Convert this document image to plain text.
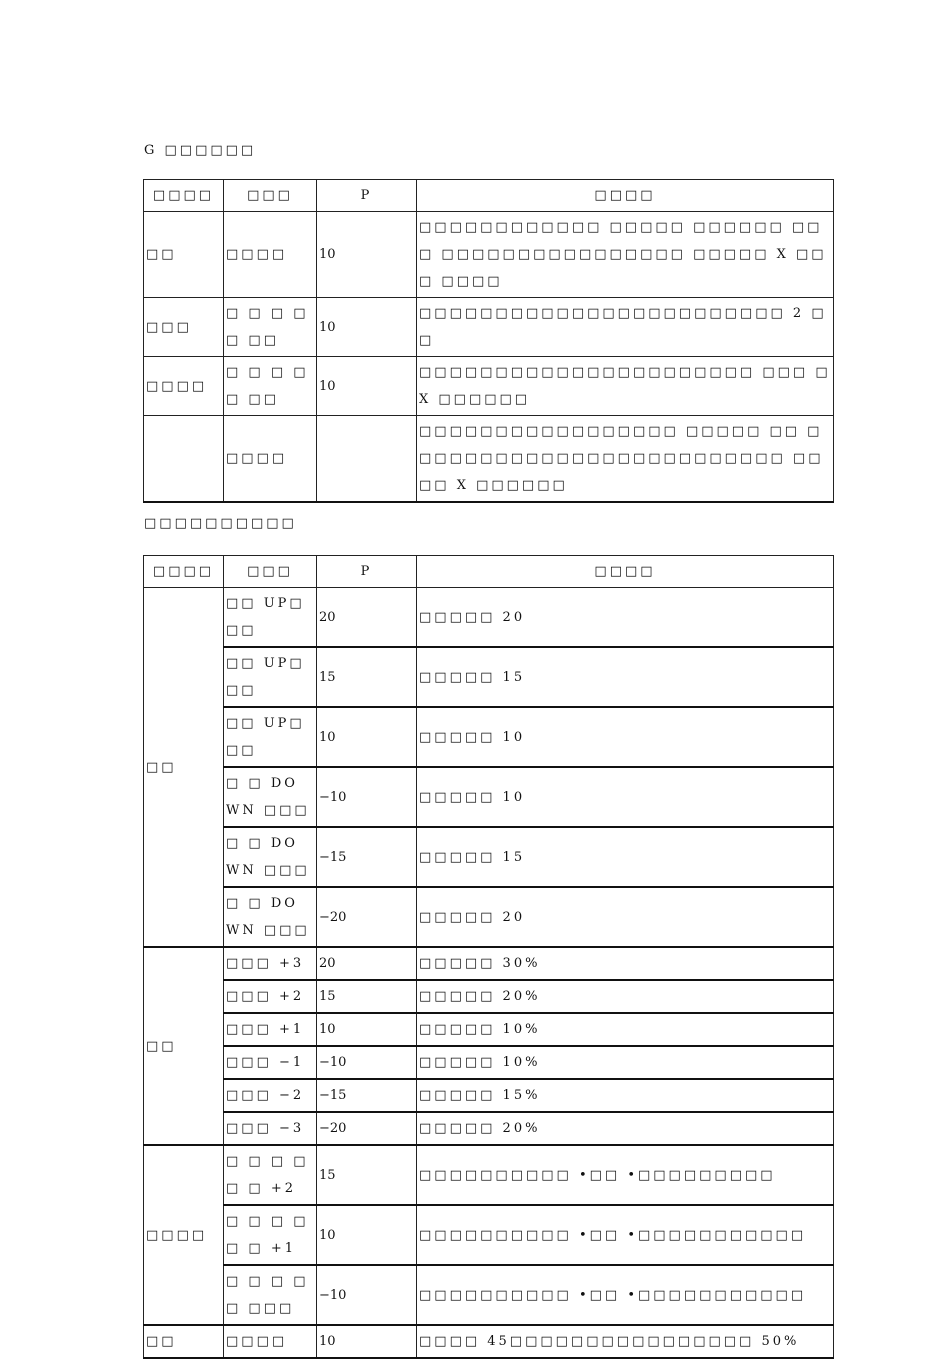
G □□□□□□
□□□□	□□□	P	□□□□
□□	□□□□	10	□□□□□□□□□□□□ □□□□□ □□□□□□ □□□ □□□□□□□□□□□□□□□□ □□□□□ X □□□ □□□□
□□□	□ □ □ □ □ □□	10	□□□□□□□□□□□□□□□□□□□□□□□□ 2 □□
□□□□	□ □ □ □ □ □□	10	□□□□□□□□□□□□□□□□□□□□□□ □□□ □ X □□□□□□
	□□□□		□□□□□□□□□□□□□□□□□ □□□□□ □□ □□□□□□□□□□□□□□□□□□□□□□□□□ □□□□ X □□□□□□
□□□□□□□□□□
□□□□	□□□	P	□□□□
□□	□□ UP□□□	20	□□□□□ 20
	□□ UP□□□	15	□□□□□ 15
	□□ UP□□□	10	□□□□□ 10
	□ □ DOWN □□□	−10	□□□□□ 10
	□ □ DOWN □□□	−15	□□□□□ 15
	□ □ DOWN □□□	−20	□□□□□ 20
□□	□□□ +3	20	□□□□□ 30%
	□□□ +2	15	□□□□□ 20%
	□□□ +1	10	□□□□□ 10%
	□□□ −1	−10	□□□□□ 10%
	□□□ −2	−15	□□□□□ 15%
	□□□ −3	−20	□□□□□ 20%
□□□□	□ □ □ □ □ □ +2	15	□□□□□□□□□□ •□□ •□□□□□□□□□
	□ □ □ □ □ □ +1	10	□□□□□□□□□□ •□□ •□□□□□□□□□□□
	□ □ □ □ □ □□□	−10	□□□□□□□□□□ •□□ •□□□□□□□□□□□
□□	□□□□	10	□□□□ 45□□□□□□□□□□□□□□□□ 50%
